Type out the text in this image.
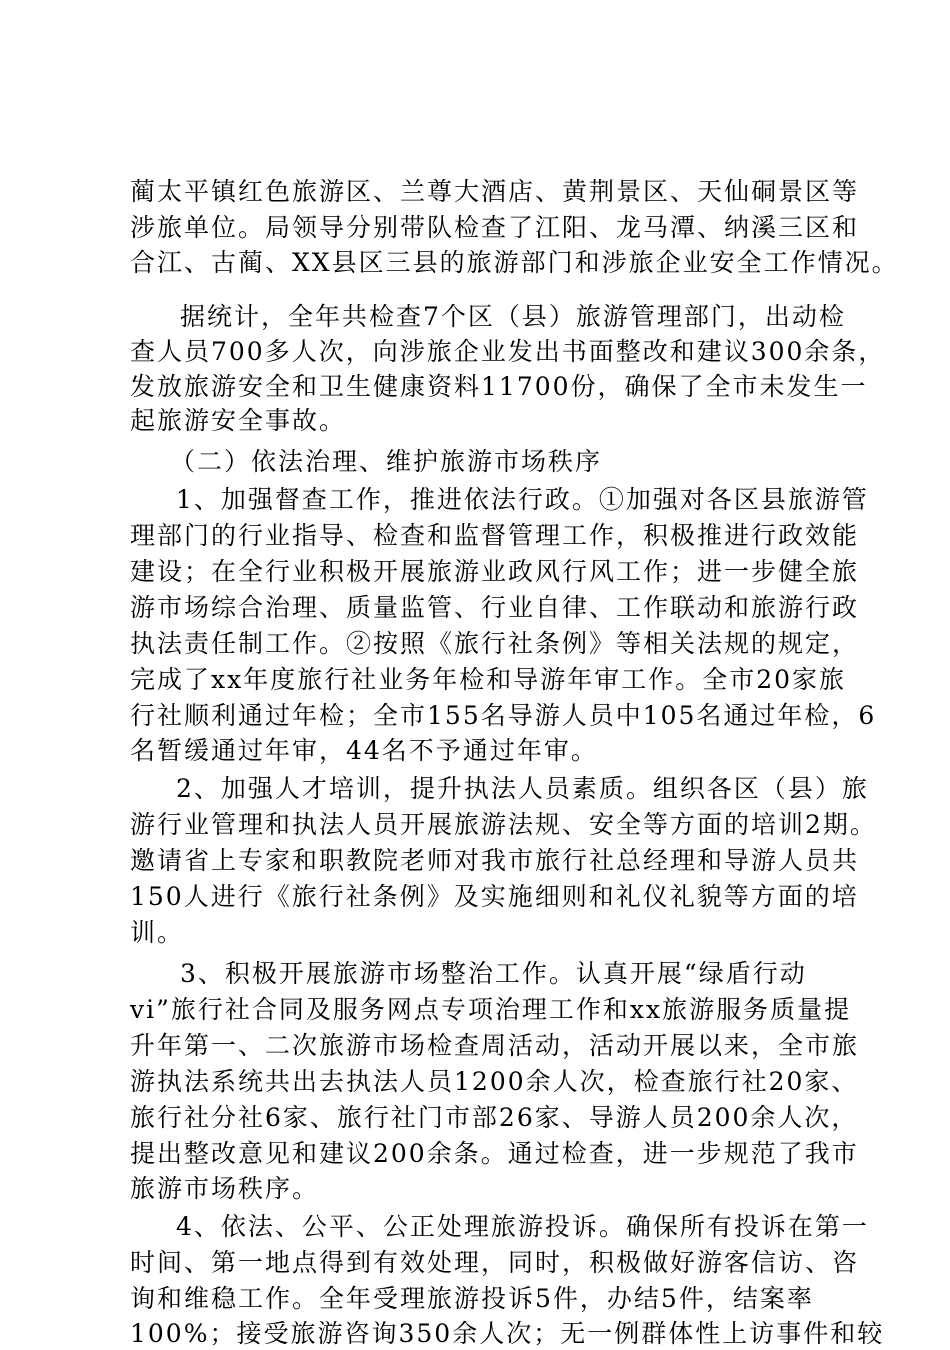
蔺太平镇红色旅游区、兰尊大酒店、黄荆景区、天仙硐景区等
涉旅单位。局领导分别带队检查了江阳、龙马潭、纳溪三区和
合江、古蔺、XX县区三县的旅游部门和涉旅企业安全工作情况。
据统计，全年共检查7个区（县）旅游管理部门，出动检
查人员700多人次，向涉旅企业发出书面整改和建议300余条，
发放旅游安全和卫生健康资料11700份，确保了全市未发生一
起旅游安全事故。
（二）依法治理、维护旅游市场秩序
1、加强督查工作，推进依法行政。①加强对各区县旅游管
理部门的行业指导、检查和监督管理工作，积极推进行政效能
建设；在全行业积极开展旅游业政风行风工作；进一步健全旅
游市场综合治理、质量监管、行业自律、工作联动和旅游行政
执法责任制工作。②按照《旅行社条例》等相关法规的规定，
完成了xx年度旅行社业务年检和导游年审工作。全市20家旅
行社顺利通过年检；全市155名导游人员中105名通过年检，6
名暂缓通过年审，44名不予通过年审。
2、加强人才培训，提升执法人员素质。组织各区（县）旅
游行业管理和执法人员开展旅游法规、安全等方面的培训2期。
邀请省上专家和职教院老师对我市旅行社总经理和导游人员共
150人进行《旅行社条例》及实施细则和礼仪礼貌等方面的培
训。
3、积极开展旅游市场整治工作。认真开展“绿盾行动
vi”旅行社合同及服务网点专项治理工作和xx旅游服务质量提
升年第一、二次旅游市场检查周活动，活动开展以来，全市旅
游执法系统共出去执法人员1200余人次，检查旅行社20家、
旅行社分社6家、旅行社门市部26家、导游人员200余人次，
提出整改意见和建议200余条。通过检查，进一步规范了我市
旅游市场秩序。
4、依法、公平、公正处理旅游投诉。确保所有投诉在第一
时间、第一地点得到有效处理，同时，积极做好游客信访、咨
询和维稳工作。全年受理旅游投诉5件，办结5件，结案率
100%；接受旅游咨询350余人次；无一例群体性上访事件和较
